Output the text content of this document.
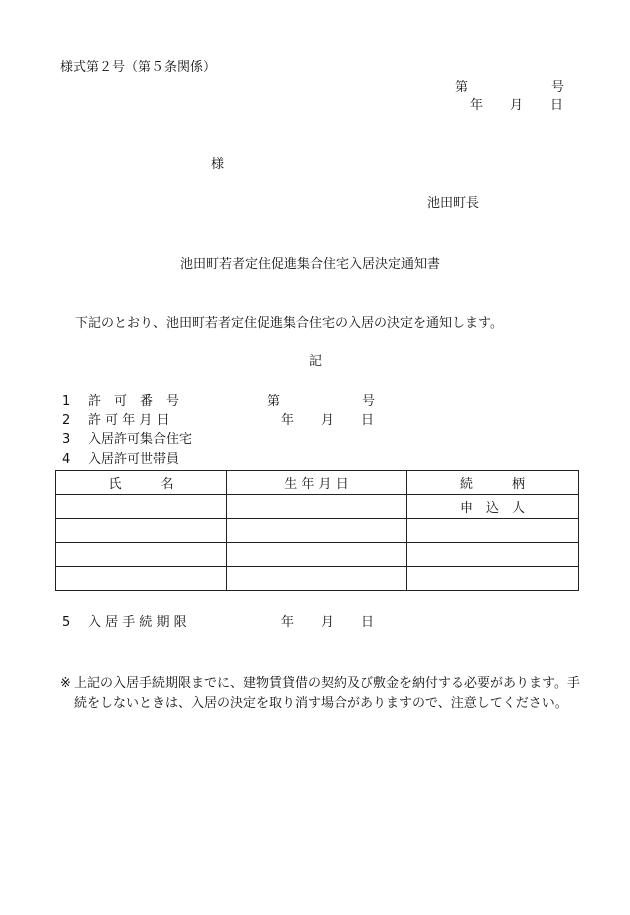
様式第２号（第５条関係）
第	号
年 月 日
様
池田町長
池田町若者定住促進集合住宅入居決定通知書
下記のとおり、池田町若者定住促進集合住宅の入居の決定を通知します。
記
1 許　可　番　号	第	号
2 許 可 年 月 日	年 月 日
3 入居許可集合住宅
4 入居許可世帯員
氏　　　名	生 年 月 日	続　　　柄
		申　込　人

5 入 居 手 続 期 限	年 月 日
※ 上記の入居手続期限までに、建物賃貸借の契約及び敷金を納付する必要があります。手続をしないときは、入居の決定を取り消す場合がありますので、注意してください。
